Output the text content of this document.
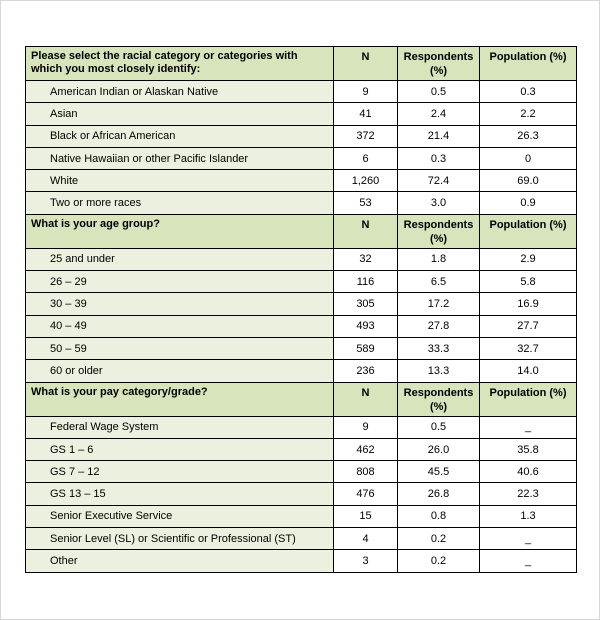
Please select the racial category or categories with which you most closely identify:	N	Respondents (%)	Population (%)
American Indian or Alaskan Native	9	0.5	0.3
Asian	41	2.4	2.2
Black or African American	372	21.4	26.3
Native Hawaiian or other Pacific Islander	6	0.3	0
White	1,260	72.4	69.0
Two or more races	53	3.0	0.9
What is your age group?	N	Respondents (%)	Population (%)
25 and under	32	1.8	2.9
26 – 29	116	6.5	5.8
30 – 39	305	17.2	16.9
40 – 49	493	27.8	27.7
50 – 59	589	33.3	32.7
60 or older	236	13.3	14.0
What is your pay category/grade?	N	Respondents (%)	Population (%)
Federal Wage System	9	0.5	_
GS 1 – 6	462	26.0	35.8
GS 7 – 12	808	45.5	40.6
GS 13 – 15	476	26.8	22.3
Senior Executive Service	15	0.8	1.3
Senior Level (SL) or Scientific or Professional (ST)	4	0.2	_
Other	3	0.2	_
